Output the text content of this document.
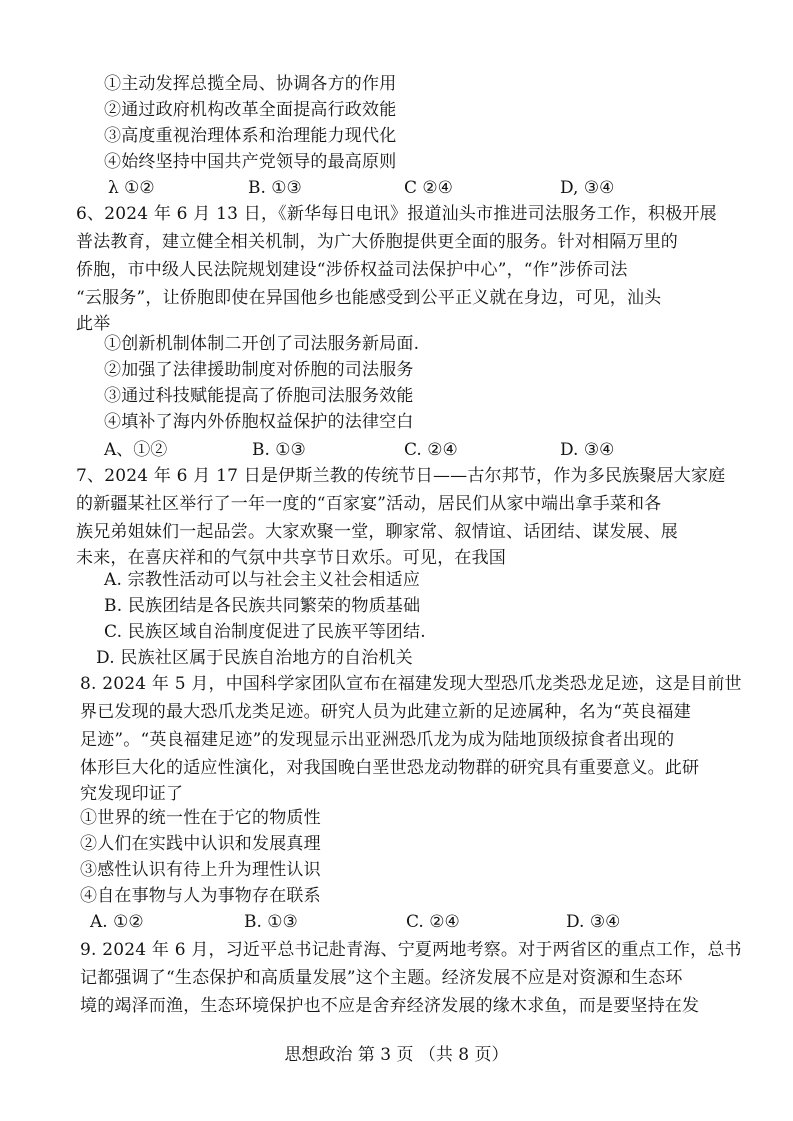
①主动发挥总揽全局、协调各方的作用
②通过政府机构改革全面提高行政效能
③高度重视治理体系和治理能力现代化
④始终坚持中国共产党领导的最高原则
λ ①②	B. ①③	C ②④	D, ③④
6、2024 年 6 月 13 日，《新华每日电讯》报道汕头市推进司法服务工作，积极开展
普法教育，建立健全相关机制，为广大侨胞提供更全面的服务。针对相隔万里的
侨胞，市中级人民法院规划建设“涉侨权益司法保护中心”，“作”涉侨司法
“云服务”，让侨胞即使在异国他乡也能感受到公平正义就在身边，可见，汕头
此举
①创新机制体制二开创了司法服务新局面.
②加强了法律援助制度对侨胞的司法服务
③通过科技赋能提高了侨胞司法服务效能
④填补了海内外侨胞权益保护的法律空白
A、①②	B. ①③	C. ②④	D. ③④
7、2024 年 6 月 17 日是伊斯兰教的传统节日——古尔邦节，作为多民族聚居大家庭
的新疆某社区举行了一年一度的“百家宴”活动，居民们从家中端出拿手菜和各
族兄弟姐妹们一起品尝。大家欢聚一堂，聊家常、叙情谊、话团结、谋发展、展
未来，在喜庆祥和的气氛中共享节日欢乐。可见，在我国
A. 宗教性活动可以与社会主义社会相适应
B. 民族团结是各民族共同繁荣的物质基础
C. 民族区域自治制度促进了民族平等团结.
D. 民族社区属于民族自治地方的自治机关
8. 2024 年 5 月，中国科学家团队宣布在福建发现大型恐爪龙类恐龙足迹，这是目前世
界已发现的最大恐爪龙类足迹。研究人员为此建立新的足迹属种，名为“英良福建
足迹”。“英良福建足迹”的发现显示出亚洲恐爪龙为成为陆地顶级掠食者出现的
体形巨大化的适应性演化，对我国晚白垩世恐龙动物群的研究具有重要意义。此研
究发现印证了
①世界的统一性在于它的物质性
②人们在实践中认识和发展真理
③感性认识有待上升为理性认识
④自在事物与人为事物存在联系
A. ①②	B. ①③	C. ②④	D. ③④
9. 2024 年 6 月，习近平总书记赴青海、宁夏两地考察。对于两省区的重点工作，总书
记都强调了“生态保护和高质量发展”这个主题。经济发展不应是对资源和生态环
境的竭泽而渔，生态环境保护也不应是舍弃经济发展的缘木求鱼，而是要坚持在发
思想政治 第 3 页 （共 8 页）
